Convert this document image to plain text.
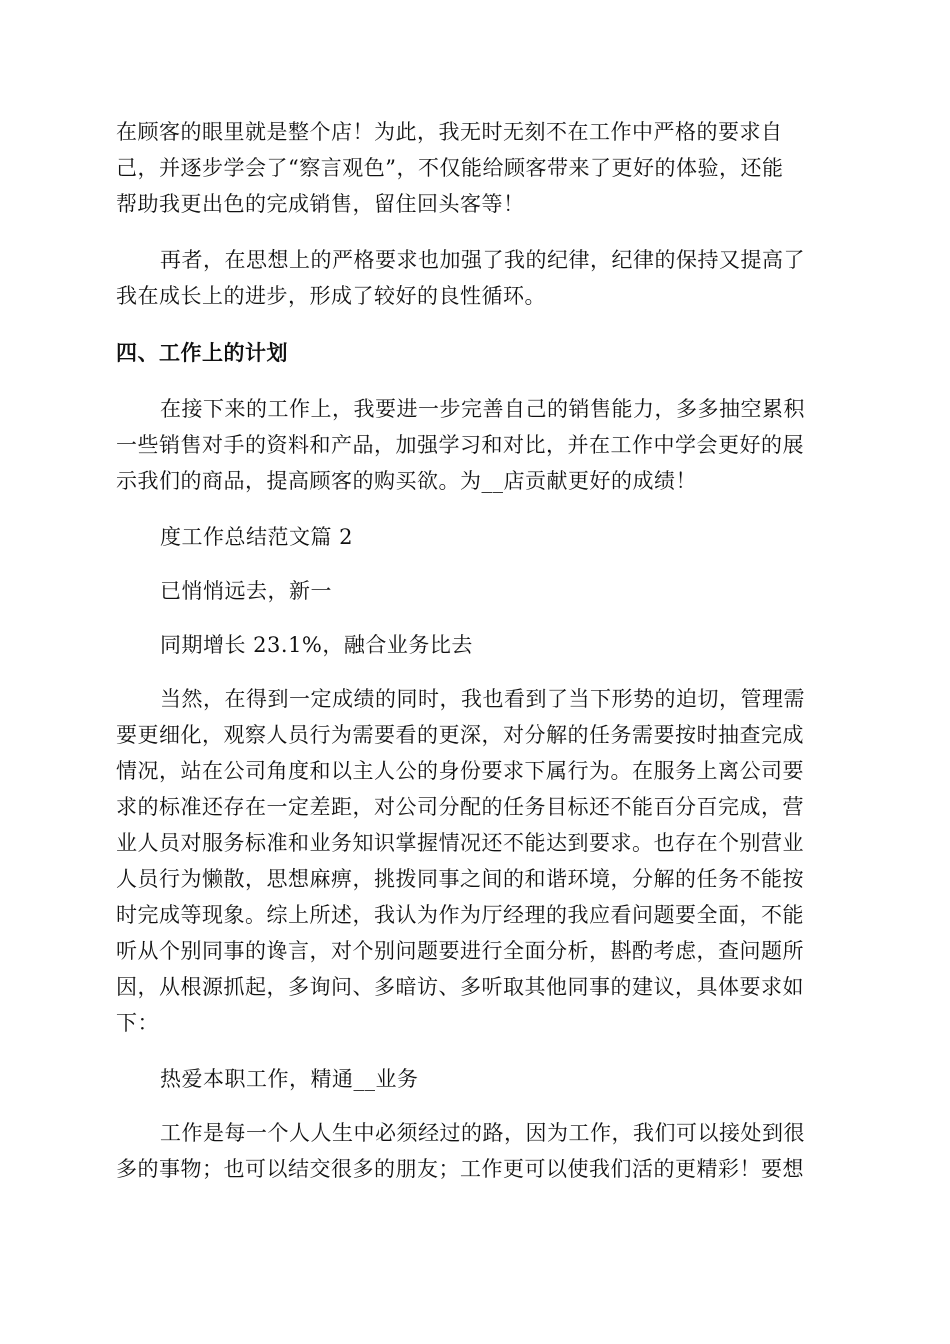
在顾客的眼里就是整个店！为此，我无时无刻不在工作中严格的要求自
己，并逐步学会了“察言观色”，不仅能给顾客带来了更好的体验，还能
帮助我更出色的完成销售，留住回头客等！
再者，在思想上的严格要求也加强了我的纪律，纪律的保持又提高了
我在成长上的进步，形成了较好的良性循环。
四、工作上的计划
在接下来的工作上，我要进一步完善自己的销售能力，多多抽空累积
一些销售对手的资料和产品，加强学习和对比，并在工作中学会更好的展
示我们的商品，提高顾客的购买欲。为__店贡献更好的成绩！
度工作总结范文篇 2
已悄悄远去，新一
同期增长 23.1%，融合业务比去
当然，在得到一定成绩的同时，我也看到了当下形势的迫切，管理需
要更细化，观察人员行为需要看的更深，对分解的任务需要按时抽查完成
情况，站在公司角度和以主人公的身份要求下属行为。在服务上离公司要
求的标准还存在一定差距，对公司分配的任务目标还不能百分百完成，营
业人员对服务标准和业务知识掌握情况还不能达到要求。也存在个别营业
人员行为懒散，思想麻痹，挑拨同事之间的和谐环境，分解的任务不能按
时完成等现象。综上所述，我认为作为厅经理的我应看问题要全面，不能
听从个别同事的谗言，对个别问题要进行全面分析，斟酌考虑，查问题所
因，从根源抓起，多询问、多暗访、多听取其他同事的建议，具体要求如
下：
热爱本职工作，精通__业务
工作是每一个人人生中必须经过的路，因为工作，我们可以接处到很
多的事物；也可以结交很多的朋友；工作更可以使我们活的更精彩！要想
